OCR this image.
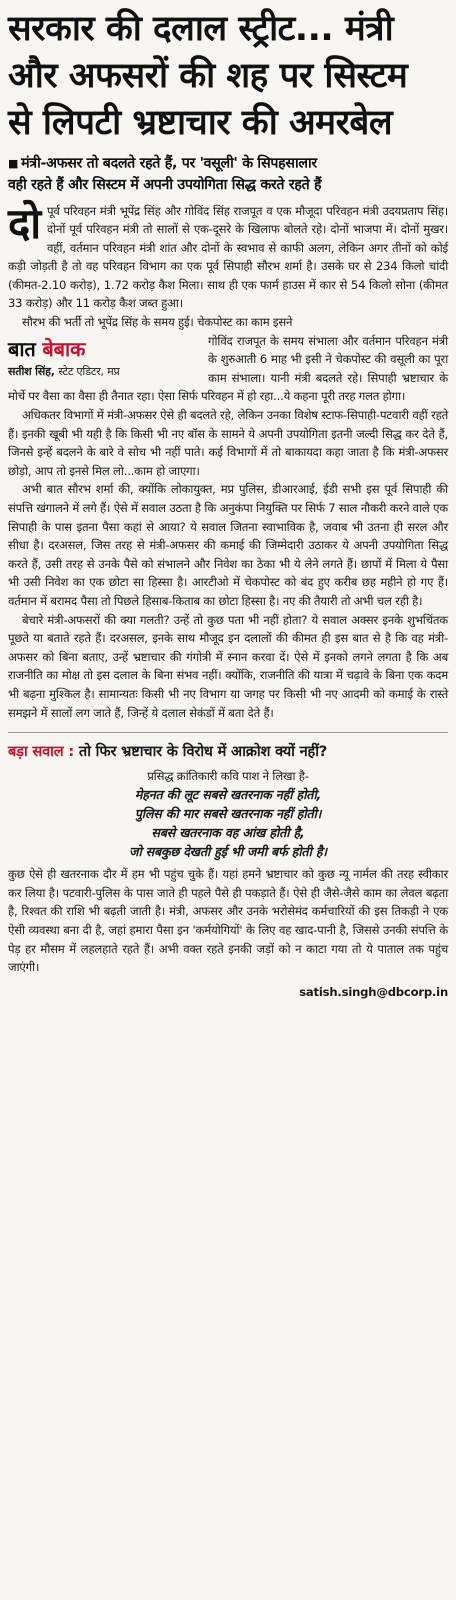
सरकार की दलाल स्ट्रीट... मंत्री
और अफसरों की शह पर सिस्टम
से लिपटी भ्रष्टाचार की अमरबेल
■ मंत्री-अफसर तो बदलते रहते हैं, पर 'वसूली' के सिपहसालार
वही रहते हैं और सिस्टम में अपनी उपयोगिता सिद्ध करते रहते हैं

दोपूर्व परिवहन मंत्री भूपेंद्र सिंह और गोविंद सिंह राजपूत व एक मौजूदा परिवहन मंत्री उदयप्रताप सिंह। दोनों पूर्व परिवहन मंत्री तो सालों से एक-दूसरे के खिलाफ बोलते रहे। दोनों भाजपा में। दोनों मुखर। वहीं, वर्तमान परिवहन मंत्री शांत और दोनों के स्वभाव से काफी अलग, लेकिन अगर तीनों को कोई कड़ी जोड़ती है तो वह परिवहन विभाग का एक पूर्व सिपाही सौरभ शर्मा है। उसके घर से 234 किलो चांदी (कीमत-2.10 करोड़), 1.72 करोड़ कैश मिला। साथ ही एक फार्म हाउस में कार से 54 किलो सोना (कीमत 33 करोड़) और 11 करोड़ कैश जब्त हुआ।

सौरभ की भर्ती तो भूपेंद्र सिंह के समय हुई। चेकपोस्ट का काम इसने

बात बेबाक
सतीश सिंह, स्टेट एडिटर, मप्र

गोविंद राजपूत के समय संभाला और वर्तमान परिवहन मंत्री के शुरुआती 6 माह भी इसी ने चेकपोस्ट की वसूली का पूरा काम संभाला। यानी मंत्री बदलते रहे। सिपाही भ्रष्टाचार के मोर्चे पर वैसा का वैसा ही तैनात रहा। ऐसा सिर्फ परिवहन में हो रहा...ये कहना पूरी तरह गलत होगा।

अधिकतर विभागों में मंत्री-अफसर ऐसे ही बदलते रहे, लेकिन उनका विशेष स्टाफ-सिपाही-पटवारी वहीं रहते हैं। इनकी खूबी भी यही है कि किसी भी नए बॉस के सामने ये अपनी उपयोगिता इतनी जल्दी सिद्ध कर देते हैं, जिनसे इन्हें बदलने के बारे वे सोच भी नहीं पाते। कई विभागों में तो बाकायदा कहा जाता है कि मंत्री-अफसर छोड़ो, आप तो इनसे मिल लो...काम हो जाएगा।

अभी बात सौरभ शर्मा की, क्योंकि लोकायुक्त, मप्र पुलिस, डीआरआई, ईडी सभी इस पूर्व सिपाही की संपत्ति खंगालने में लगे हैं। ऐसे में सवाल उठता है कि अनुकंपा नियुक्ति पर सिर्फ 7 साल नौकरी करने वाले एक सिपाही के पास इतना पैसा कहां से आया? ये सवाल जितना स्वाभाविक है, जवाब भी उतना ही सरल और सीधा है। दरअसल, जिस तरह से मंत्री-अफसर की कमाई की जिम्मेदारी उठाकर ये अपनी उपयोगिता सिद्ध करते हैं, उसी तरह से उनके पैसे को संभालने और निवेश का ठेका भी ये लेने लगते हैं। छापों में मिला ये पैसा भी उसी निवेश का एक छोटा सा हिस्सा है। आरटीओ में चेकपोस्ट को बंद हुए करीब छह महीने हो गए हैं। वर्तमान में बरामद पैसा तो पिछले हिसाब-किताब का छोटा हिस्सा है। नए की तैयारी तो अभी चल रही है।

बेचारे मंत्री-अफसरों की क्या गलती? उन्हें तो कुछ पता भी नहीं होता? ये सवाल अक्सर इनके शुभचिंतक पूछते या बताते रहते हैं। दरअसल, इनके साथ मौजूद इन दलालों की कीमत ही इस बात से है कि वह मंत्री-अफसर को बिना बताए, उन्हें भ्रष्टाचार की गंगोत्री में स्नान करवा दें। ऐसे में इनको लगने लगता है कि अब राजनीति का मोक्ष तो इस दलाल के बिना संभव नहीं। क्योंकि, राजनीति की यात्रा में चढ़ावे के बिना एक कदम भी बढ़ना मुश्किल है। सामान्यतः किसी भी नए विभाग या जगह पर किसी भी नए आदमी को कमाई के रास्ते समझने में सालों लग जाते हैं, जिन्हें ये दलाल सेकंडों में बता देते हैं।

बड़ा सवाल : तो फिर भ्रष्टाचार के विरोध में आक्रोश क्यों नहीं?
प्रसिद्ध क्रांतिकारी कवि पाश ने लिखा है-
मेहनत की लूट सबसे खतरनाक नहीं होती,
पुलिस की मार सबसे खतरनाक नहीं होती।
सबसे खतरनाक वह आंख होती है,
जो सबकुछ देखती हुई भी जमी बर्फ होती है।

कुछ ऐसे ही खतरनाक दौर में हम भी पहुंच चुके हैं। यहां हमने भ्रष्टाचार को कुछ न्यू नार्मल की तरह स्वीकार कर लिया है। पटवारी-पुलिस के पास जाते ही पहले पैसे ही पकड़ाते हैं। ऐसे ही जैसे-जैसे काम का लेवल बढ़ता है, रिश्वत की राशि भी बढ़ती जाती है। मंत्री, अफसर और उनके भरोसेमंद कर्मचारियों की इस तिकड़ी ने एक ऐसी व्यवस्था बना दी है, जहां हमारा पैसा इन 'कर्मयोगियों' के लिए वह खाद-पानी है, जिससे उनकी संपत्ति के पेड़ हर मौसम में लहलहाते रहते हैं। अभी वक्त रहते इनकी जड़ों को न काटा गया तो ये पाताल तक पहुंच जाएंगी।

satish.singh@dbcorp.in
